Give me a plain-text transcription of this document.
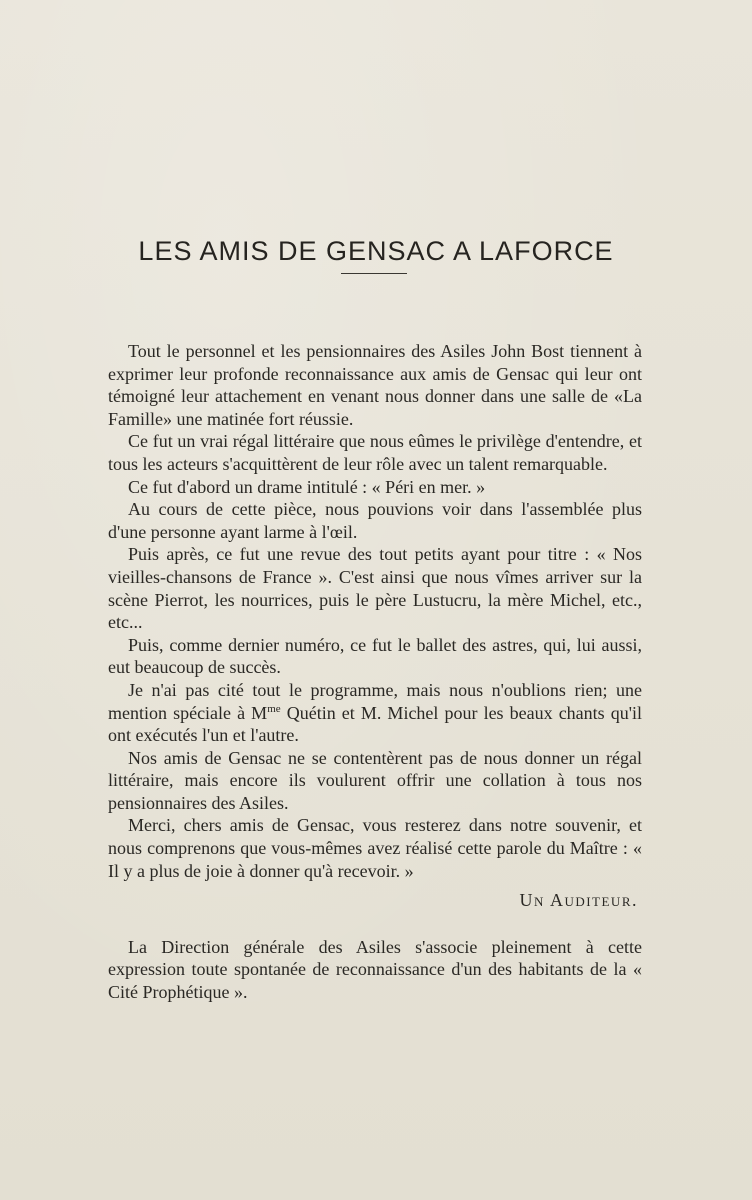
LES AMIS DE GENSAC A LAFORCE

Tout le personnel et les pensionnaires des Asiles John Bost tiennent à exprimer leur profonde reconnaissance aux amis de Gensac qui leur ont témoigné leur attachement en venant nous donner dans une salle de «La Famille» une matinée fort réussie.

Ce fut un vrai régal littéraire que nous eûmes le privilège d'entendre, et tous les acteurs s'acquittèrent de leur rôle avec un talent remarquable.

Ce fut d'abord un drame intitulé : « Péri en mer. »

Au cours de cette pièce, nous pouvions voir dans l'assemblée plus d'une personne ayant larme à l'œil.

Puis après, ce fut une revue des tout petits ayant pour titre : « Nos vieilles-chansons de France ». C'est ainsi que nous vîmes arriver sur la scène Pierrot, les nourrices, puis le père Lustucru, la mère Michel, etc., etc...

Puis, comme dernier numéro, ce fut le ballet des astres, qui, lui aussi, eut beaucoup de succès.

Je n'ai pas cité tout le programme, mais nous n'oublions rien; une mention spéciale à $M^{me}$ Quétin et M. Michel pour les beaux chants qu'il ont exécutés l'un et l'autre.

Nos amis de Gensac ne se contentèrent pas de nous donner un régal littéraire, mais encore ils voulurent offrir une collation à tous nos pensionnaires des Asiles.

Merci, chers amis de Gensac, vous resterez dans notre souvenir, et nous comprenons que vous-mêmes avez réalisé cette parole du Maître : « Il y a plus de joie à donner qu'à recevoir. »

Un Auditeur.

La Direction générale des Asiles s'associe pleinement à cette expression toute spontanée de reconnaissance d'un des habitants de la « Cité Prophétique ».
